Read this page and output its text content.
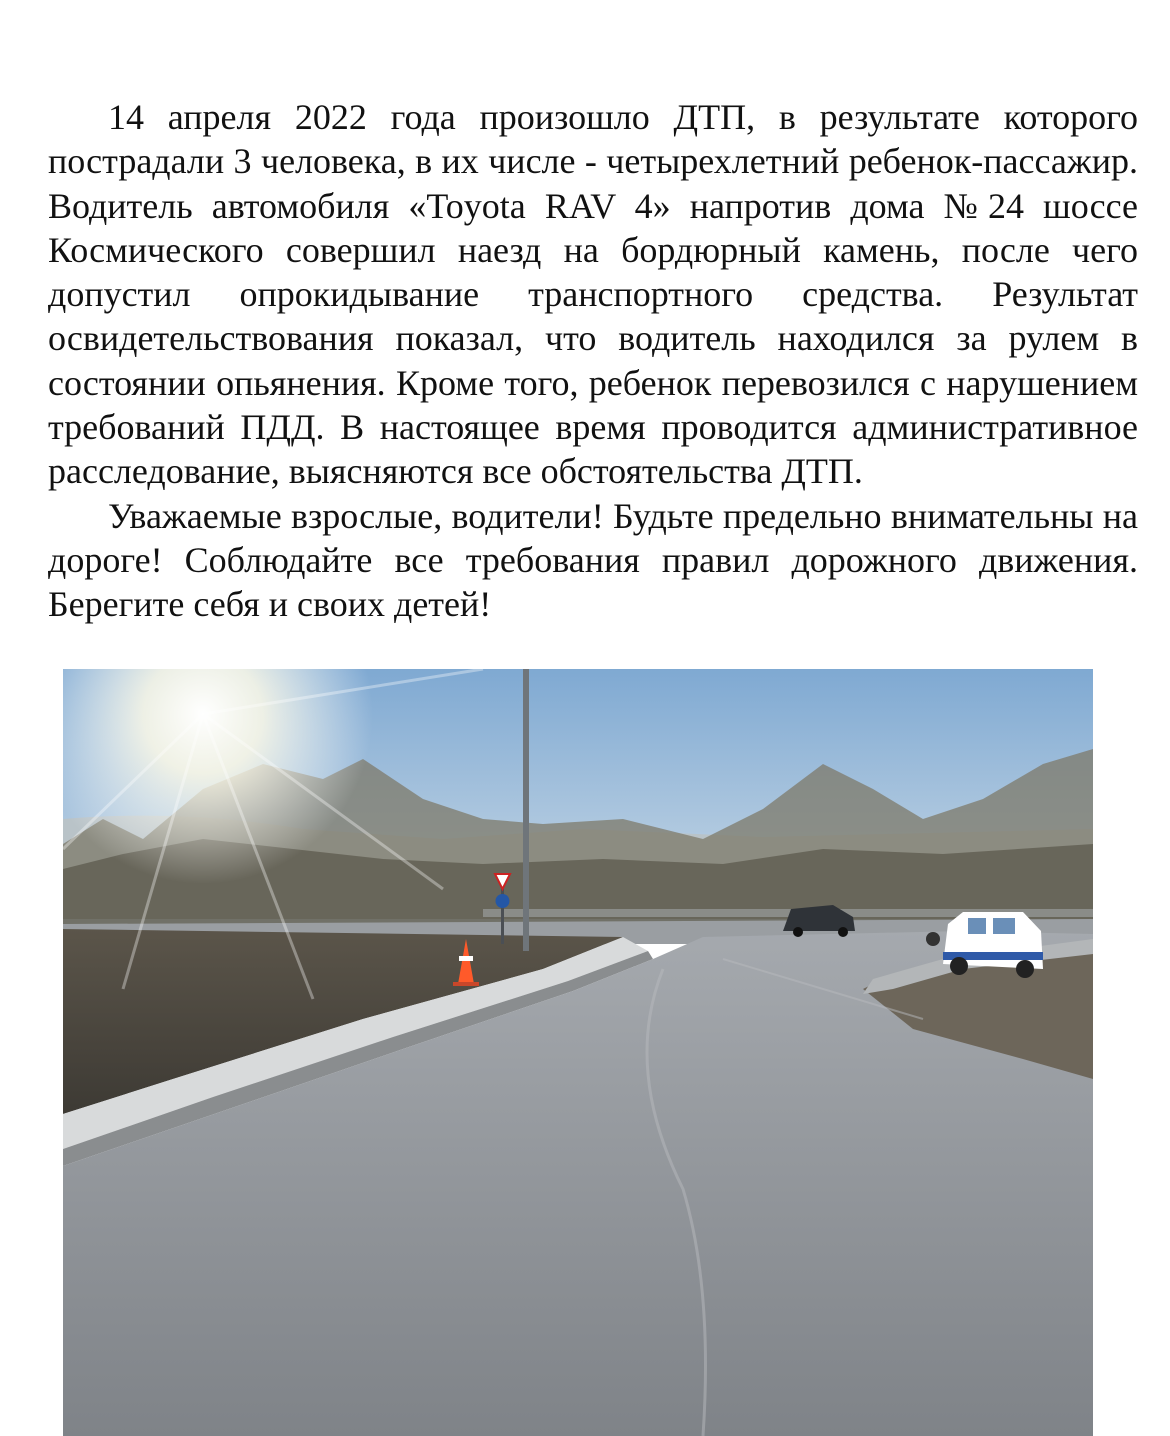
14 апреля 2022 года произошло ДТП, в результате которого пострадали 3 человека, в их числе - четырехлетний ребенок-пассажир. Водитель автомобиля «Toyota RAV 4» напротив дома №24 шоссе Космического совершил наезд на бордюрный камень, после чего допустил опрокидывание транспортного средства. Результат освидетельствования показал, что водитель находился за рулем в состоянии опьянения. Кроме того, ребенок перевозился с нарушением требований ПДД. В настоящее время проводится административное расследование, выясняются все обстоятельства ДТП.

Уважаемые взрослые, водители! Будьте предельно внимательны на дороге! Соблюдайте все требования правил дорожного движения. Берегите себя и своих детей!
